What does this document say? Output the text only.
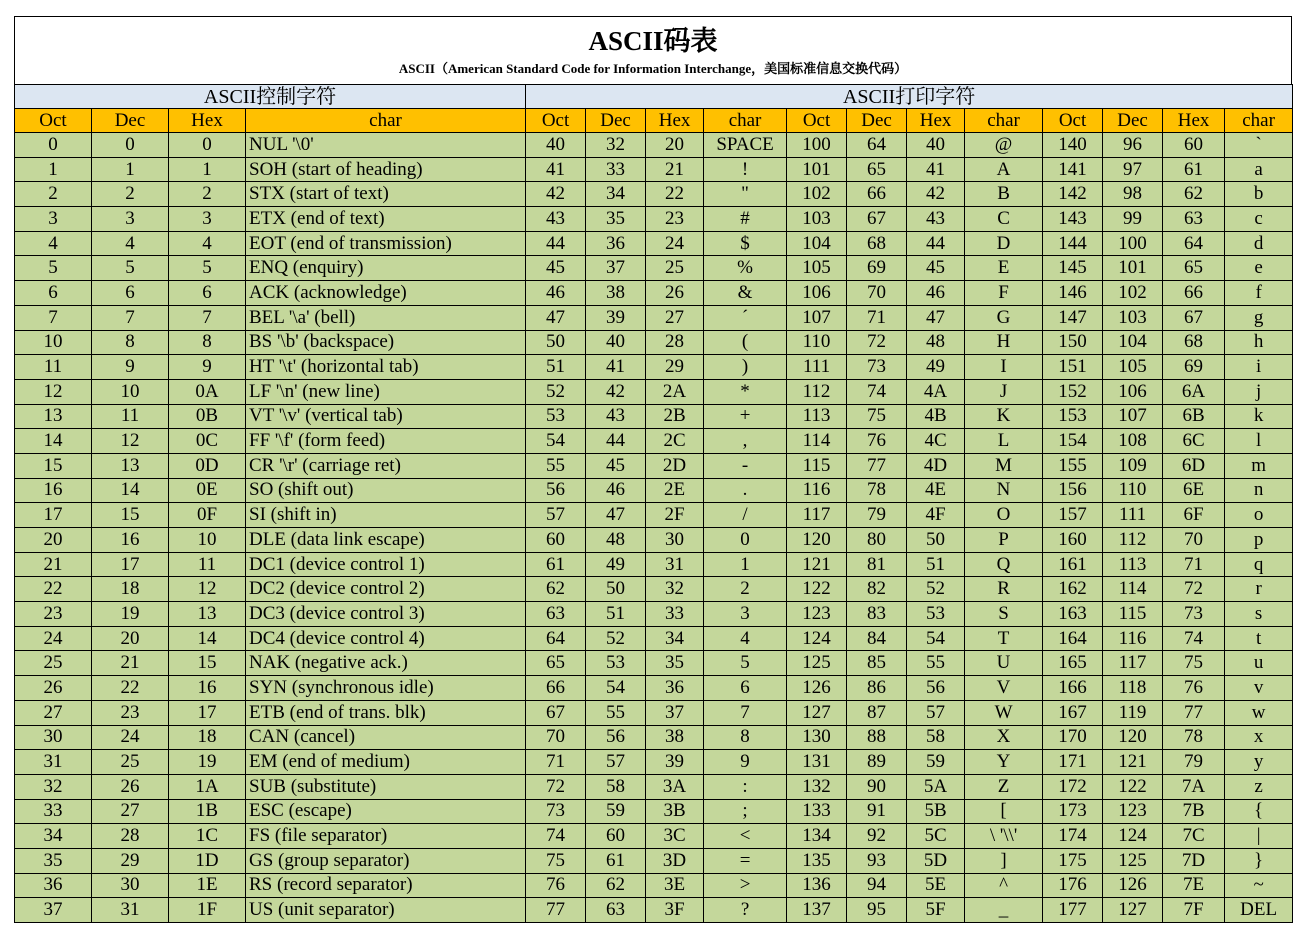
ASCII码表
ASCII（American Standard Code for Information Interchange，美国标准信息交换代码）
ASCII控制字符				ASCII打印字符											
Oct	Dec	Hex	char	Oct	Dec	Hex	char	Oct	Dec	Hex	char	Oct	Dec	Hex	char
0	0	0	NUL '\0'	40	32	20	SPACE	100	64	40	@	140	96	60	`
1	1	1	SOH (start of heading)	41	33	21	!	101	65	41	A	141	97	61	a
2	2	2	STX (start of text)	42	34	22	"	102	66	42	B	142	98	62	b
3	3	3	ETX (end of text)	43	35	23	#	103	67	43	C	143	99	63	c
4	4	4	EOT (end of transmission)	44	36	24	$	104	68	44	D	144	100	64	d
5	5	5	ENQ (enquiry)	45	37	25	%	105	69	45	E	145	101	65	e
6	6	6	ACK (acknowledge)	46	38	26	&	106	70	46	F	146	102	66	f
7	7	7	BEL '\a' (bell)	47	39	27	´	107	71	47	G	147	103	67	g
10	8	8	BS '\b' (backspace)	50	40	28	(	110	72	48	H	150	104	68	h
11	9	9	HT '\t' (horizontal tab)	51	41	29	)	111	73	49	I	151	105	69	i
12	10	0A	LF '\n' (new line)	52	42	2A	*	112	74	4A	J	152	106	6A	j
13	11	0B	VT '\v' (vertical tab)	53	43	2B	+	113	75	4B	K	153	107	6B	k
14	12	0C	FF '\f' (form feed)	54	44	2C	,	114	76	4C	L	154	108	6C	l
15	13	0D	CR '\r' (carriage ret)	55	45	2D	-	115	77	4D	M	155	109	6D	m
16	14	0E	SO (shift out)	56	46	2E	.	116	78	4E	N	156	110	6E	n
17	15	0F	SI (shift in)	57	47	2F	/	117	79	4F	O	157	111	6F	o
20	16	10	DLE (data link escape)	60	48	30	0	120	80	50	P	160	112	70	p
21	17	11	DC1 (device control 1)	61	49	31	1	121	81	51	Q	161	113	71	q
22	18	12	DC2 (device control 2)	62	50	32	2	122	82	52	R	162	114	72	r
23	19	13	DC3 (device control 3)	63	51	33	3	123	83	53	S	163	115	73	s
24	20	14	DC4 (device control 4)	64	52	34	4	124	84	54	T	164	116	74	t
25	21	15	NAK (negative ack.)	65	53	35	5	125	85	55	U	165	117	75	u
26	22	16	SYN (synchronous idle)	66	54	36	6	126	86	56	V	166	118	76	v
27	23	17	ETB (end of trans. blk)	67	55	37	7	127	87	57	W	167	119	77	w
30	24	18	CAN (cancel)	70	56	38	8	130	88	58	X	170	120	78	x
31	25	19	EM (end of medium)	71	57	39	9	131	89	59	Y	171	121	79	y
32	26	1A	SUB (substitute)	72	58	3A	:	132	90	5A	Z	172	122	7A	z
33	27	1B	ESC (escape)	73	59	3B	;	133	91	5B	[	173	123	7B	{
34	28	1C	FS (file separator)	74	60	3C	<	134	92	5C	\ '\\'	174	124	7C	|
35	29	1D	GS (group separator)	75	61	3D	=	135	93	5D	]	175	125	7D	}
36	30	1E	RS (record separator)	76	62	3E	>	136	94	5E	^	176	126	7E	~
37	31	1F	US (unit separator)	77	63	3F	?	137	95	5F	_	177	127	7F	DEL
